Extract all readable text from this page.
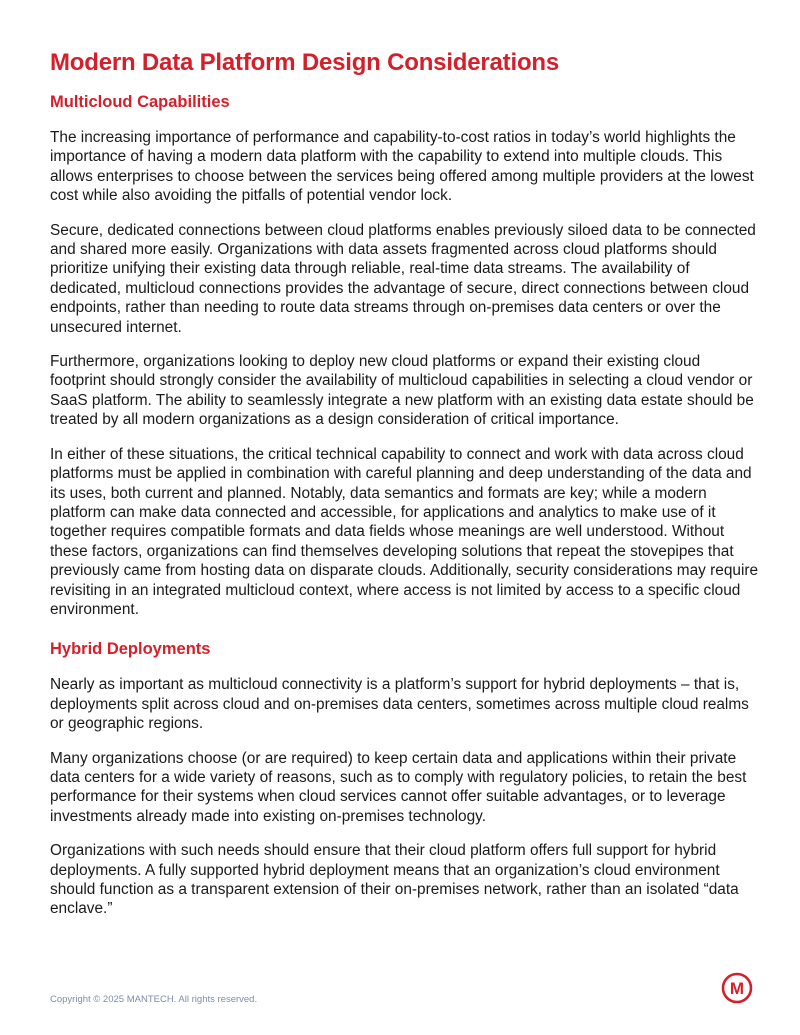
Modern Data Platform Design Considerations
Multicloud Capabilities

The increasing importance of performance and capability-to-cost ratios in today’s world highlights the importance of having a modern data platform with the capability to extend into multiple clouds. This allows enterprises to choose between the services being offered among multiple providers at the lowest cost while also avoiding the pitfalls of potential vendor lock.

Secure, dedicated connections between cloud platforms enables previously siloed data to be connected and shared more easily. Organizations with data assets fragmented across cloud platforms should prioritize unifying their existing data through reliable, real-time data streams. The availability of dedicated, multicloud connections provides the advantage of secure, direct connections between cloud endpoints, rather than needing to route data streams through on-premises data centers or over the unsecured internet.

Furthermore, organizations looking to deploy new cloud platforms or expand their existing cloud footprint should strongly consider the availability of multicloud capabilities in selecting a cloud vendor or SaaS platform. The ability to seamlessly integrate a new platform with an existing data estate should be treated by all modern organizations as a design consideration of critical importance.

In either of these situations, the critical technical capability to connect and work with data across cloud platforms must be applied in combination with careful planning and deep understanding of the data and its uses, both current and planned. Notably, data semantics and formats are key; while a modern platform can make data connected and accessible, for applications and analytics to make use of it together requires compatible formats and data fields whose meanings are well understood. Without these factors, organizations can find themselves developing solutions that repeat the stovepipes that previously came from hosting data on disparate clouds. Additionally, security considerations may require revisiting in an integrated multicloud context, where access is not limited by access to a specific cloud environment.

Hybrid Deployments

Nearly as important as multicloud connectivity is a platform’s support for hybrid deployments – that is, deployments split across cloud and on-premises data centers, sometimes across multiple cloud realms or geographic regions.

Many organizations choose (or are required) to keep certain data and applications within their private data centers for a wide variety of reasons, such as to comply with regulatory policies, to retain the best performance for their systems when cloud services cannot offer suitable advantages, or to leverage investments already made into existing on-premises technology.

Organizations with such needs should ensure that their cloud platform offers full support for hybrid deployments. A fully supported hybrid deployment means that an organization’s cloud environment should function as a transparent extension of their on-premises network, rather than an isolated “data enclave.”

Copyright © 2025 MANTECH. All rights reserved.
M
